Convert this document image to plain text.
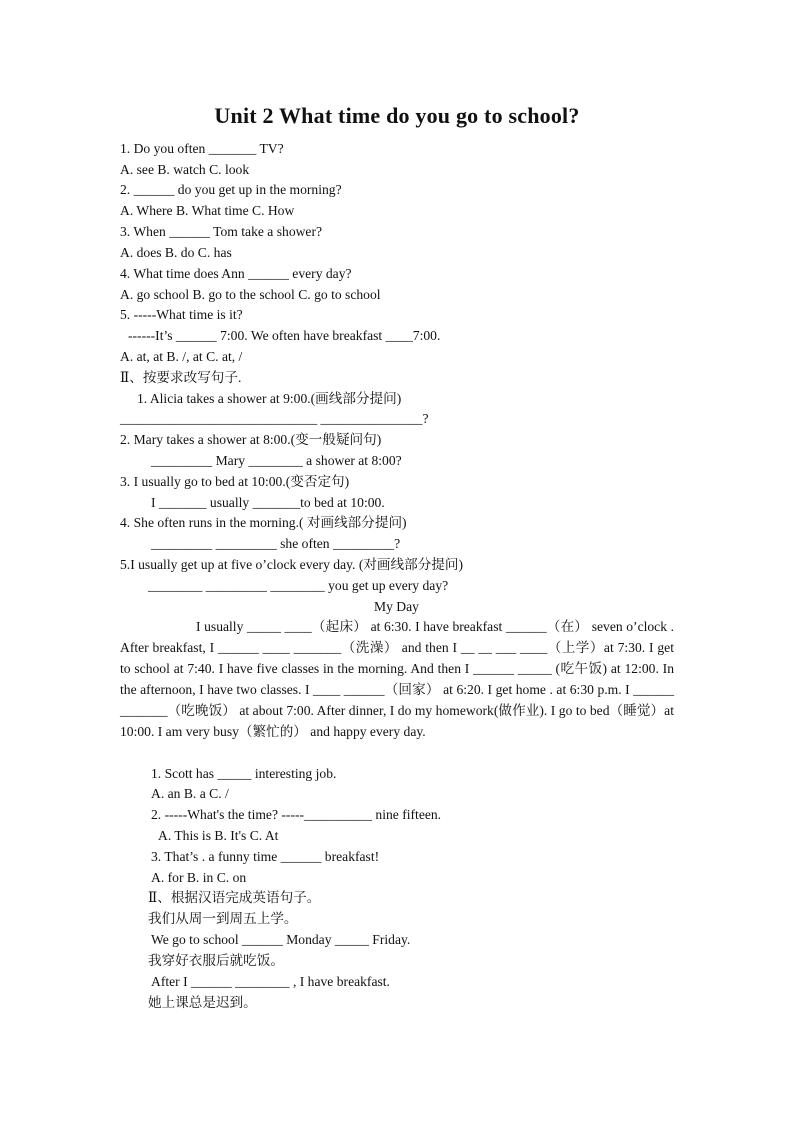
Unit 2 What time do you go to school?
1. Do you often _______ TV?
A. see B. watch C. look
2. ______ do you get up in the morning?
A. Where B. What time C. How
3. When ______ Tom take a shower?
A. does B. do C. has
4. What time does Ann ______ every day?
A. go school B. go to the school C. go to school
5. -----What time is it?
------It’s ______ 7:00. We often have breakfast ____7:00.
A. at, at B. /, at C. at, /
Ⅱ、按要求改写句子.
1. Alicia takes a shower at 9:00.(画线部分提问)
_____________________________ _______________?
2. Mary takes a shower at 8:00.(变一般疑问句)
_________ Mary ________ a shower at 8:00?
3. I usually go to bed at 10:00.(变否定句)
I _______ usually _______to bed at 10:00.
4. She often runs in the morning.( 对画线部分提问)
_________ _________ she often _________?
5.I usually get up at five o’clock every day. (对画线部分提问)
________ _________ ________ you get up every day?
My Day
1. Scott has _____ interesting job.
A. an B. a C. /
2. -----What's the time? -----__________ nine fifteen.
A. This is B. It's C. At
3. That’s . a funny time ______ breakfast!
A. for B. in C. on
Ⅱ、根据汉语完成英语句子。
我们从周一到周五上学。
We go to school ______ Monday _____ Friday.
我穿好衣服后就吃饭。
After I ______ ________ , I have breakfast.
她上课总是迟到。
I usually _____ ____（起床） at 6:30. I have breakfast ______（在） seven o’clock . After breakfast, I ______ ____ _______（洗澡） and then I __ __ ___ ____（上学）at 7:30. I get to school at 7:40. I have five classes in the morning. And then I ______ _____ (吃午饭) at 12:00. In the afternoon, I have two classes. I ____ ______（回家） at 6:20. I get home . at 6:30 p.m. I ______ _______（吃晚饭） at about 7:00. After dinner, I do my homework(做作业). I go to bed（睡觉）at 10:00. I am very busy（繁忙的） and happy every day.
